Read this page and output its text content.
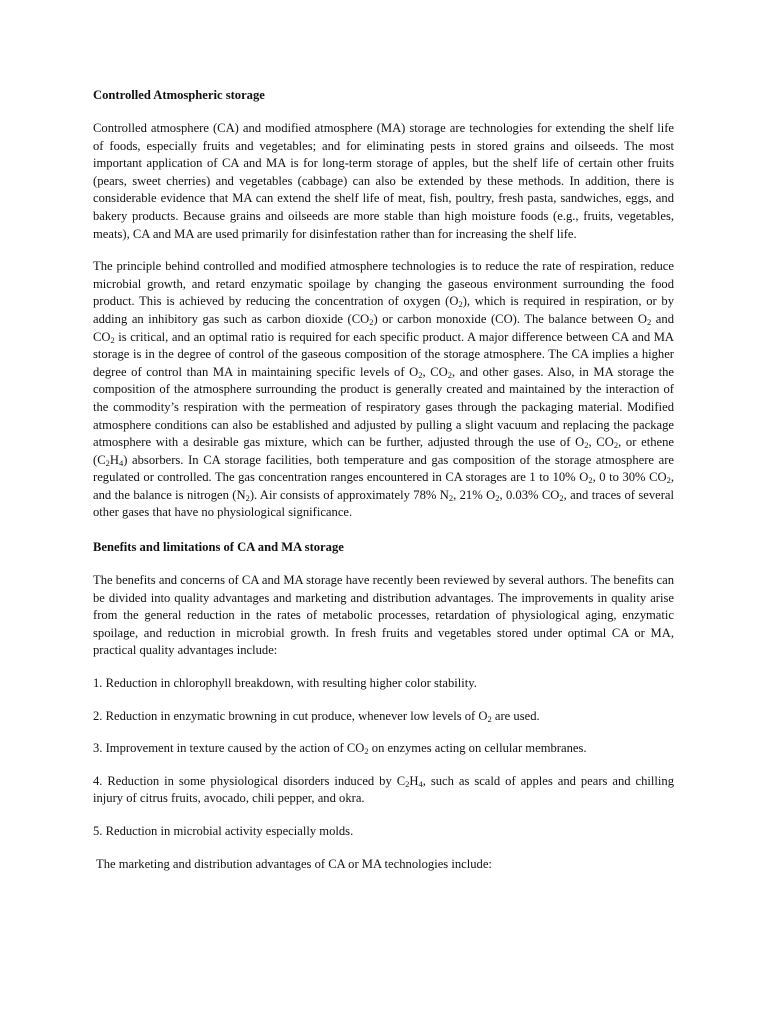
Controlled Atmospheric storage

Controlled atmosphere (CA) and modified atmosphere (MA) storage are technologies for extending the shelf life of foods, especially fruits and vegetables; and for eliminating pests in stored grains and oilseeds. The most important application of CA and MA is for long-term storage of apples, but the shelf life of certain other fruits (pears, sweet cherries) and vegetables (cabbage) can also be extended by these methods. In addition, there is considerable evidence that MA can extend the shelf life of meat, fish, poultry, fresh pasta, sandwiches, eggs, and bakery products. Because grains and oilseeds are more stable than high moisture foods (e.g., fruits, vegetables, meats), CA and MA are used primarily for disinfestation rather than for increasing the shelf life.

The principle behind controlled and modified atmosphere technologies is to reduce the rate of respiration, reduce microbial growth, and retard enzymatic spoilage by changing the gaseous environment surrounding the food product. This is achieved by reducing the concentration of oxygen $(O_2)$, which is required in respiration, or by adding an inhibitory gas such as carbon dioxide $(CO_2)$ or carbon monoxide (CO). The balance between $O_2$ and $CO_2$ is critical, and an optimal ratio is required for each specific product. A major difference between CA and MA storage is in the degree of control of the gaseous composition of the storage atmosphere. The CA implies a higher degree of control than MA in maintaining specific levels of $O_2$, $CO_2$, and other gases. Also, in MA storage the composition of the atmosphere surrounding the product is generally created and maintained by the interaction of the commodity’s respiration with the permeation of respiratory gases through the packaging material. Modified atmosphere conditions can also be established and adjusted by pulling a slight vacuum and replacing the package atmosphere with a desirable gas mixture, which can be further, adjusted through the use of $O_2$, $CO_2$, or ethene $(C_2H_4)$ absorbers. In CA storage facilities, both temperature and gas composition of the storage atmosphere are regulated or controlled. The gas concentration ranges encountered in CA storages are 1 to 10% $O_2$, 0 to 30% $CO_2$, and the balance is nitrogen $(N_2)$. Air consists of approximately 78% $N_2$, 21% $O_2$, 0.03% $CO_2$, and traces of several other gases that have no physiological significance.

Benefits and limitations of CA and MA storage

The benefits and concerns of CA and MA storage have recently been reviewed by several authors. The benefits can be divided into quality advantages and marketing and distribution advantages. The improvements in quality arise from the general reduction in the rates of metabolic processes, retardation of physiological aging, enzymatic spoilage, and reduction in microbial growth. In fresh fruits and vegetables stored under optimal CA or MA, practical quality advantages include:

1. Reduction in chlorophyll breakdown, with resulting higher color stability.

2. Reduction in enzymatic browning in cut produce, whenever low levels of $O_2$ are used.

3. Improvement in texture caused by the action of $CO_2$ on enzymes acting on cellular membranes.

4. Reduction in some physiological disorders induced by $C_2H_4$, such as scald of apples and pears and chilling injury of citrus fruits, avocado, chili pepper, and okra.

5. Reduction in microbial activity especially molds.

The marketing and distribution advantages of CA or MA technologies include:
